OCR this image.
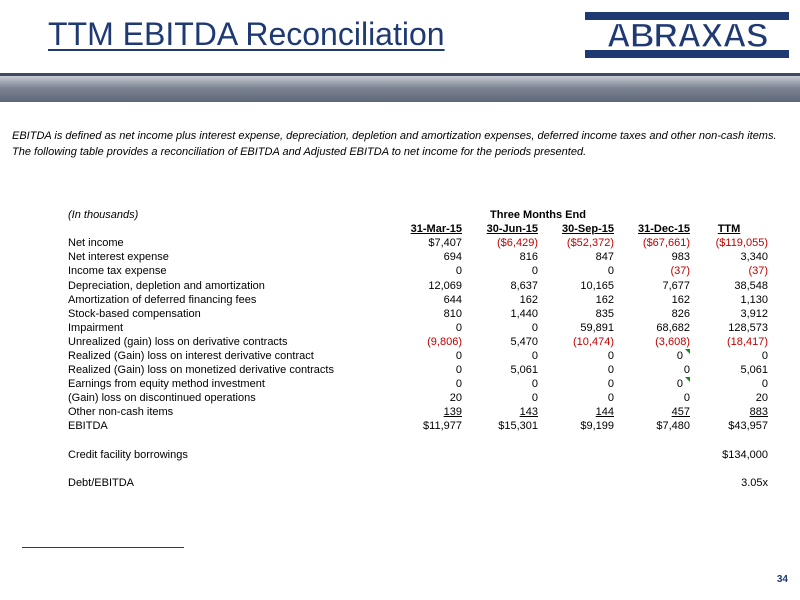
TTM EBITDA Reconciliation	ABRAXAS
EBITDA is defined as net income plus interest expense, depreciation, depletion and amortization expenses, deferred income taxes and other non-cash items.
The following table provides a reconciliation of EBITDA and Adjusted EBITDA to net income for the periods presented.
(In thousands)	Three Months End				
	31-Mar-15	30-Jun-15	30-Sep-15	31-Dec-15	TTM
Net income	$7,407	($6,429)	($52,372)	($67,661)	($119,055)
Net interest expense	694	816	847	983	3,340
Income tax expense	0	0	0	(37)	(37)
Depreciation, depletion and amortization	12,069	8,637	10,165	7,677	38,548
Amortization of deferred financing fees	644	162	162	162	1,130
Stock-based compensation	810	1,440	835	826	3,912
Impairment	0	0	59,891	68,682	128,573
Unrealized (gain) loss on derivative contracts	(9,806)	5,470	(10,474)	(3,608)	(18,417)
Realized (Gain) loss on interest derivative contract	0	0	0	0	0
Realized (Gain) loss on monetized derivative contracts	0	5,061	0	0	5,061
Earnings from equity method investment	0	0	0	0	0
(Gain) loss on discontinued operations	20	0	0	0	20
Other non-cash items	139	143	144	457	883
EBITDA	$11,977	$15,301	$9,199	$7,480	$43,957

Credit facility borrowings					$134,000

Debt/EBITDA					3.05x
34
